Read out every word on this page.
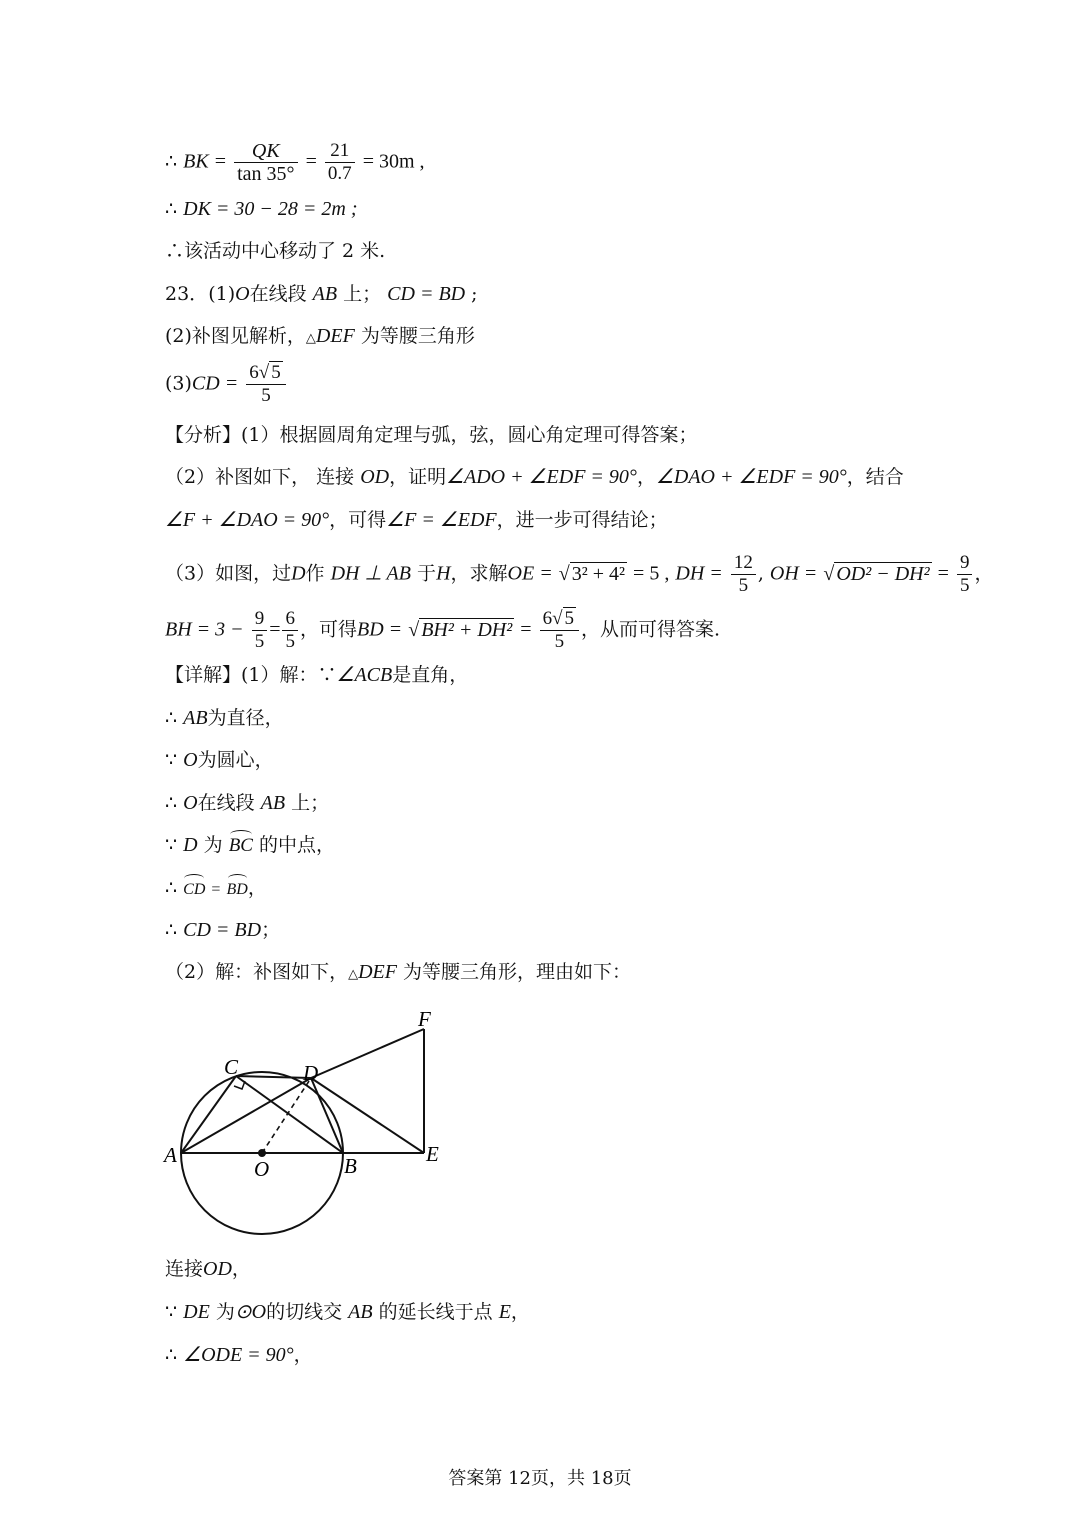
∴ BK = $\frac{QK}{\tan 35^\circ} = \frac{21}{0.7} = 30m$ ,
∴ DK = 30 − 28 = 2m ;
∴该活动中心移动了 2 米.
23．(1)O在线段 AB 上； CD = BD ;
(2)补图见解析，△DEF 为等腰三角形
$(3)CD = \frac{6√ 5}{5}$
【分析】(1）根据圆周角定理与弧，弦，圆心角定理可得答案；
（2）补图如下， 连接 OD，证明∠ADO + ∠EDF = 90°，∠DAO + ∠EDF = 90°，结合
∠F + ∠DAO = 90°，可得∠F = ∠EDF，进一步可得结论；
（3）如图，过D作 DH ⊥ AB 于H，求解OE = √ 3² + 4² = 5 , DH = $\frac{12}{5}$ , OH = √ $OD^2 - DH^2 = \frac{9}{5}$ ，
BH = $3 - \frac{9}{5} = \frac{6}{5}$ ，可得BD = √ $BH^2 + DH^2 = \frac{6√ 5}{5}$ ，从而可得答案.
【详解】(1）解：∵∠ACB是直角，
∴ AB为直径，
∵ O为圆心，
∴ O在线段 AB 上；
∵ D 为 BC 的中点，
∴ CD = BD，
∴ CD = BD；
（2）解：补图如下，△DEF 为等腰三角形，理由如下：
A
O	B
C	D
E
F
连接OD，
∵ DE 为⊙O的切线交 AB 的延长线于点 E，
∴ ∠ODE = 90°，
答案第 12页，共 18页
